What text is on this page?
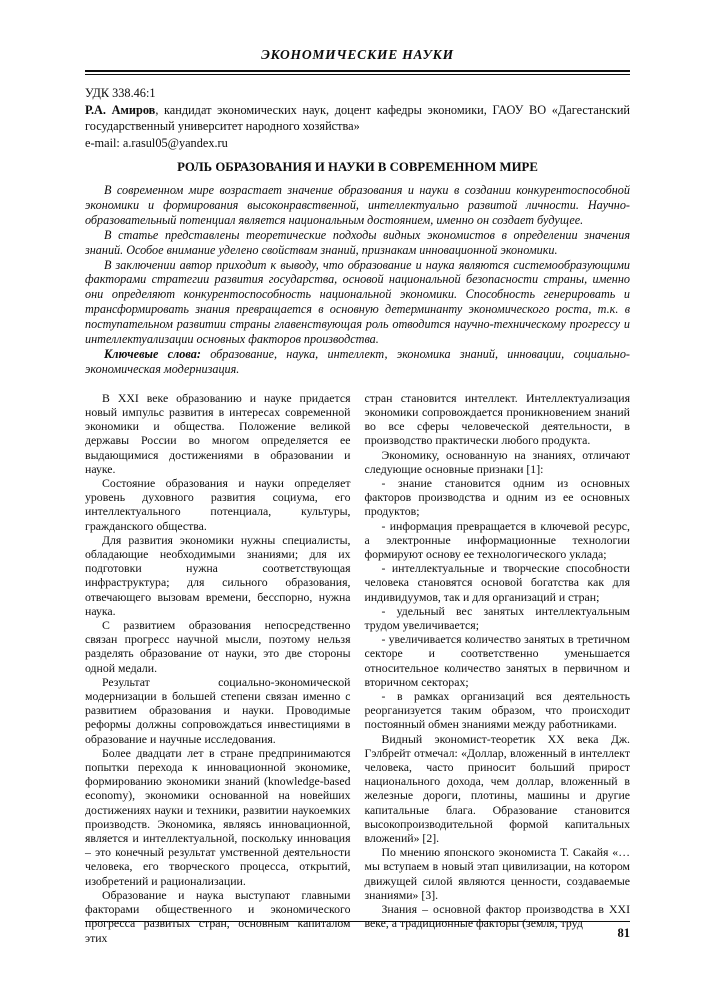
ЭКОНОМИЧЕСКИЕ НАУКИ

УДК 338.46:1

Р.А. Амиров, кандидат экономических наук, доцент кафедры экономики, ГАОУ ВО «Дагестанский государственный университет народного хозяйства»

e-mail: a.rasul05@yandex.ru

РОЛЬ ОБРАЗОВАНИЯ И НАУКИ В СОВРЕМЕННОМ МИРЕ

В современном мире возрастает значение образования и науки в создании конкурентоспособной экономики и формирования высоконравственной, интеллектуально развитой личности. Научно-образовательный потенциал является национальным достоянием, именно он создает будущее.

В статье представлены теоретические подходы видных экономистов в определении значения знаний. Особое внимание уделено свойствам знаний, признакам инновационной экономики.

В заключении автор приходит к выводу, что образование и наука являются системообразующими факторами стратегии развития государства, основой национальной безопасности страны, именно они определяют конкурентоспособность национальной экономики. Способность генерировать и трансформировать знания превращается в основную детерминанту экономического роста, т.к. в поступательном развитии страны главенствующая роль отводится научно-техническому прогрессу и интеллектуализации основных факторов производства.

Ключевые слова: образование, наука, интеллект, экономика знаний, инновации, социально-экономическая модернизация.

В XXI веке образованию и науке придается новый импульс развития в интересах современной экономики и общества. Положение великой державы России во многом определяется ее выдающимися достижениями в образовании и науке.

Состояние образования и науки определяет уровень духовного развития социума, его интеллектуального потенциала, культуры, гражданского общества.

Для развития экономики нужны специалисты, обладающие необходимыми знаниями; для их подготовки нужна соответствующая инфраструктура; для сильного образования, отвечающего вызовам времени, бесспорно, нужна наука.

С развитием образования непосредственно связан прогресс научной мысли, поэтому нельзя разделять образование от науки, это две стороны одной медали.

Результат социально-экономической модернизации в большей степени связан именно с развитием образования и науки. Проводимые реформы должны сопровождаться инвестициями в образование и научные исследования.

Более двадцати лет в стране предпринимаются попытки перехода к инновационной экономике, формированию экономики знаний (knowledge-based economy), экономики основанной на новейших достижениях науки и техники, развитии наукоемких производств. Экономика, являясь инновационной, является и интеллектуальной, поскольку инновация – это конечный результат умственной деятельности человека, его творческого процесса, открытий, изобретений и рационализации.

Образование и наука выступают главными факторами общественного и экономического прогресса развитых стран, основным капиталом этих

стран становится интеллект. Интеллектуализация экономики сопровождается проникновением знаний во все сферы человеческой деятельности, в производство практически любого продукта.

Экономику, основанную на знаниях, отличают следующие основные признаки [1]:

- знание становится одним из основных факторов производства и одним из ее основных продуктов;

- информация превращается в ключевой ресурс, а электронные информационные технологии формируют основу ее технологического уклада;

- интеллектуальные и творческие способности человека становятся основой богатства как для индивидуумов, так и для организаций и стран;

- удельный вес занятых интеллектуальным трудом увеличивается;

- увеличивается количество занятых в третичном секторе и соответственно уменьшается относительное количество занятых в первичном и вторичном секторах;

- в рамках организаций вся деятельность реорганизуется таким образом, что происходит постоянный обмен знаниями между работниками.

Видный экономист-теоретик XX века Дж. Гэлбрейт отмечал: «Доллар, вложенный в интеллект человека, часто приносит больший прирост национального дохода, чем доллар, вложенный в железные дороги, плотины, машины и другие капитальные блага. Образование становится высокопроизводительной формой капитальных вложений» [2].

По мнению японского экономиста Т. Сакайя «…мы вступаем в новый этап цивилизации, на котором движущей силой являются ценности, создаваемые знаниями» [3].

Знания – основной фактор производства в XXI веке, а традиционные факторы (земля, труд

81
